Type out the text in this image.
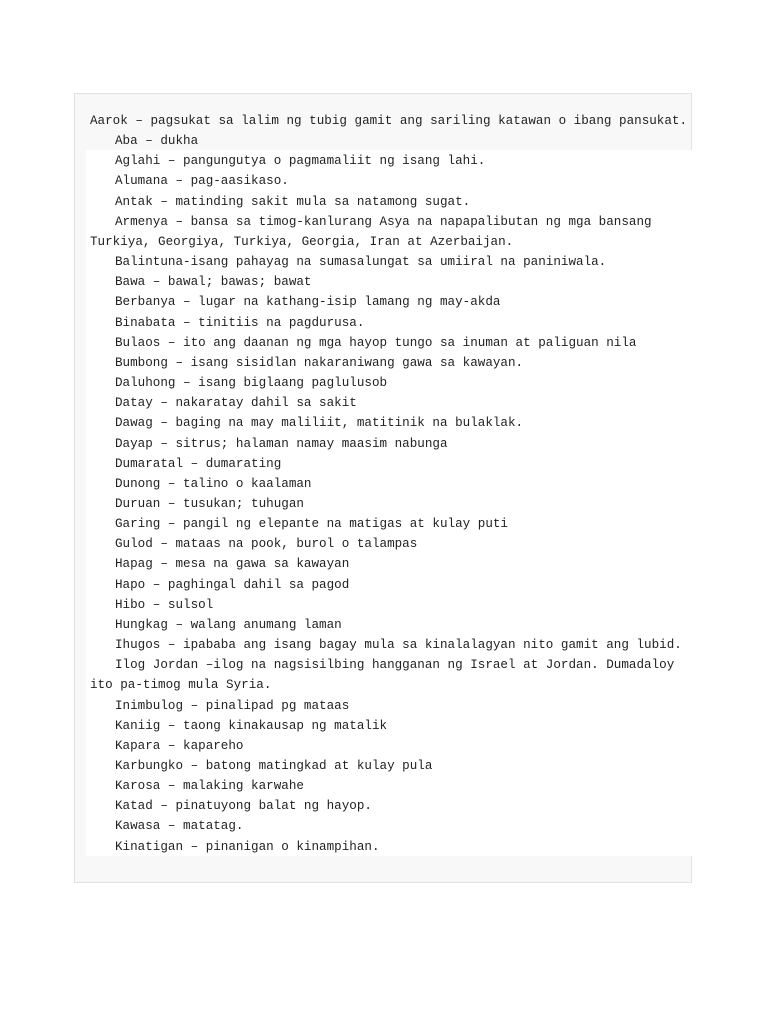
Aarok – pagsukat sa lalim ng tubig gamit ang sariling katawan o ibang pansukat.

Aba – dukha

Aglahi – pangungutya o pagmamaliit ng isang lahi.

Alumana – pag-aasikaso.

Antak – matinding sakit mula sa natamong sugat.

Armenya – bansa sa timog-kanlurang Asya na napapalibutan ng mga bansang Turkiya, Georgiya, Turkiya, Georgia, Iran at Azerbaijan.

Balintuna-isang pahayag na sumasalungat sa umiiral na paniniwala.

Bawa – bawal; bawas; bawat

Berbanya – lugar na kathang-isip lamang ng may-akda

Binabata – tinitiis na pagdurusa.

Bulaos – ito ang daanan ng mga hayop tungo sa inuman at paliguan nila

Bumbong – isang sisidlan nakaraniwang gawa sa kawayan.

Daluhong – isang biglaang paglulusob

Datay – nakaratay dahil sa sakit

Dawag – baging na may maliliit, matitinik na bulaklak.

Dayap – sitrus; halaman namay maasim nabunga

Dumaratal – dumarating

Dunong – talino o kaalaman

Duruan – tusukan; tuhugan

Garing – pangil ng elepante na matigas at kulay puti

Gulod – mataas na pook, burol o talampas

Hapag – mesa na gawa sa kawayan

Hapo – paghingal dahil sa pagod

Hibo – sulsol

Hungkag – walang anumang laman

Ihugos – ipababa ang isang bagay mula sa kinalalagyan nito gamit ang lubid.

Ilog Jordan –ilog na nagsisilbing hangganan ng Israel at Jordan. Dumadaloy ito pa-timog mula Syria.

Inimbulog – pinalipad pg mataas

Kaniig – taong kinakausap ng matalik

Kapara – kapareho

Karbungko – batong matingkad at kulay pula

Karosa – malaking karwahe

Katad – pinatuyong balat ng hayop.

Kawasa – matatag.

Kinatigan – pinanigan o kinampihan.
